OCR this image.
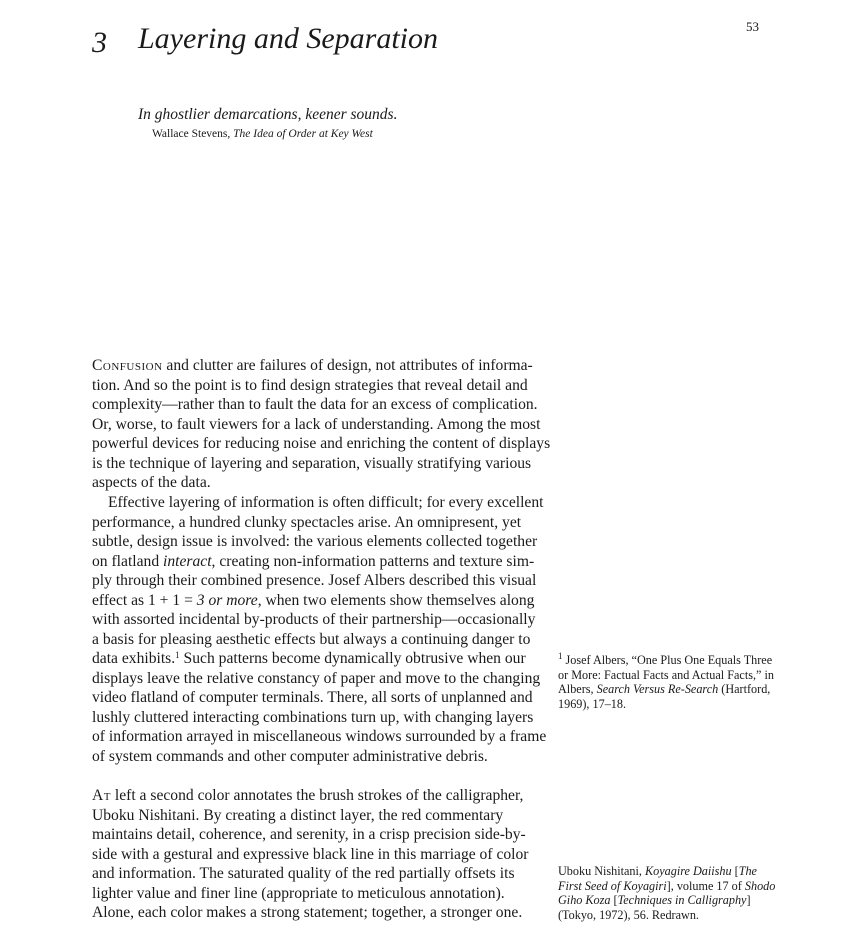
3 Layering and Separation	53
In ghostlier demarcations, keener sounds.
Wallace Stevens, The Idea of Order at Key West
Confusion and clutter are failures of design, not attributes of informa-
tion. And so the point is to find design strategies that reveal detail and
complexity—rather than to fault the data for an excess of complication.
Or, worse, to fault viewers for a lack of understanding. Among the most
powerful devices for reducing noise and enriching the content of displays
is the technique of layering and separation, visually stratifying various
aspects of the data.
Effective layering of information is often difficult; for every excellent
performance, a hundred clunky spectacles arise. An omnipresent, yet
subtle, design issue is involved: the various elements collected together
on flatland interact, creating non-information patterns and texture sim-
ply through their combined presence. Josef Albers described this visual
effect as 1 + 1 = 3 or more, when two elements show themselves along
with assorted incidental by-products of their partnership—occasionally
a basis for pleasing aesthetic effects but always a continuing danger to
data exhibits.$^1$ Such patterns become dynamically obtrusive when our
displays leave the relative constancy of paper and move to the changing
video flatland of computer terminals. There, all sorts of unplanned and
lushly cluttered interacting combinations turn up, with changing layers
of information arrayed in miscellaneous windows surrounded by a frame
of system commands and other computer administrative debris.
At left a second color annotates the brush strokes of the calligrapher,
Uboku Nishitani. By creating a distinct layer, the red commentary
maintains detail, coherence, and serenity, in a crisp precision side-by-
side with a gestural and expressive black line in this marriage of color
and information. The saturated quality of the red partially offsets its
lighter value and finer line (appropriate to meticulous annotation).
Alone, each color makes a strong statement; together, a stronger one.
$^1$ Josef Albers, “One Plus One Equals Three
or More: Factual Facts and Actual Facts,” in
Albers, Search Versus Re-Search (Hartford,
1969), 17–18.
Uboku Nishitani, Koyagire Daiishu [The
First Seed of Koyagiri], volume 17 of Shodo
Giho Koza [Techniques in Calligraphy]
(Tokyo, 1972), 56. Redrawn.
